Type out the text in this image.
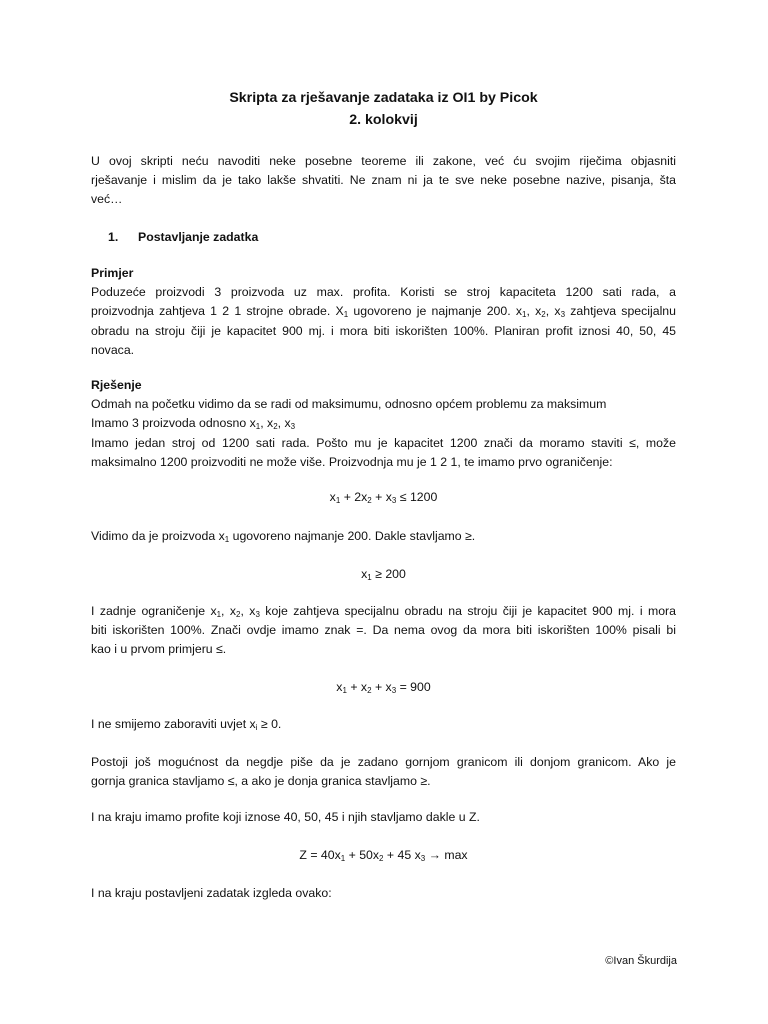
Skripta za rješavanje zadataka iz OI1 by Picok
2. kolokvij
U ovoj skripti neću navoditi neke posebne teoreme ili zakone, već ću svojim riječima objasniti
rješavanje i mislim da je tako lakše shvatiti. Ne znam ni ja te sve neke posebne nazive, pisanja, šta
već…
1. Postavljanje zadatka
Primjer
Poduzeće proizvodi 3 proizvoda uz max. profita. Koristi se stroj kapaciteta 1200 sati rada, a
proizvodnja zahtjeva 1 2 1 strojne obrade. $X_1$ ugovoreno je najmanje 200. $x_1$, $x_2$, $x_3$ zahtjeva specijalnu
obradu na stroju čiji je kapacitet 900 mj. i mora biti iskorišten 100%. Planiran profit iznosi 40, 50, 45
novaca.
Rješenje
Odmah na početku vidimo da se radi od maksimumu, odnosno općem problemu za maksimum
Imamo 3 proizvoda odnosno $x_1$, $x_2$, $x_3$
Imamo jedan stroj od 1200 sati rada. Pošto mu je kapacitet 1200 znači da moramo staviti ≤, može
maksimalno 1200 proizvoditi ne može više. Proizvodnja mu je 1 2 1, te imamo prvo ograničenje:
$x_1 + 2x_2 + x_3 \le 1200$
Vidimo da je proizvoda $x_1$ ugovoreno najmanje 200. Dakle stavljamo ≥.
$x_1 \ge 200$
I zadnje ograničenje $x_1$, $x_2$, $x_3$ koje zahtjeva specijalnu obradu na stroju čiji je kapacitet 900 mj. i mora
biti iskorišten 100%. Znači ovdje imamo znak =. Da nema ovog da mora biti iskorišten 100% pisali bi
kao i u prvom primjeru ≤.
$x_1 + x_2 + x_3 = 900$
I ne smijemo zaboraviti uvjet $x_i \ge 0$.
Postoji još mogućnost da negdje piše da je zadano gornjom granicom ili donjom granicom. Ako je
gornja granica stavljamo ≤, a ako je donja granica stavljamo ≥.
I na kraju imamo profite koji iznose 40, 50, 45 i njih stavljamo dakle u Z.
$Z = 40x_1 + 50x_2 + 45$ $x_3 \to \max$
I na kraju postavljeni zadatak izgleda ovako:
©Ivan Škurdija
